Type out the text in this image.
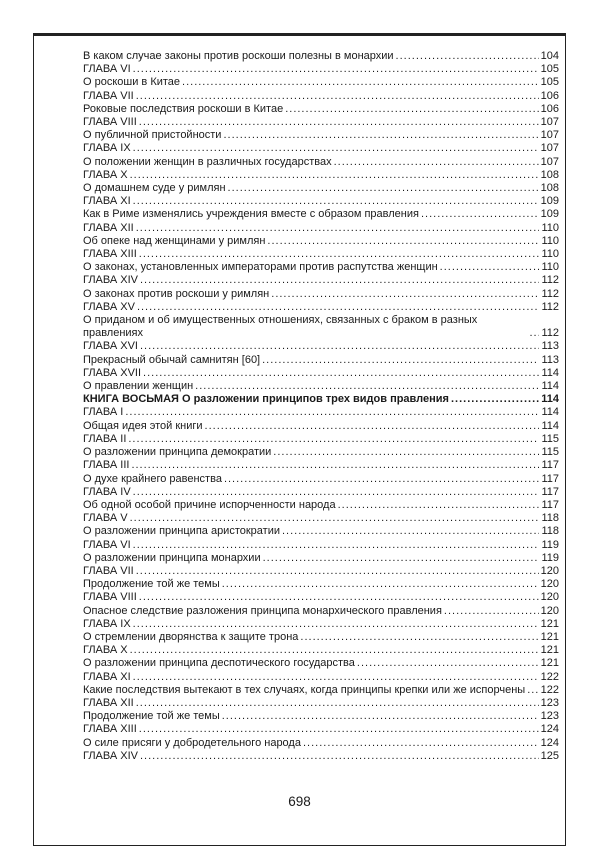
В каком случае законы против роскоши полезны в монархии .....	104
ГЛАВА VI .....	105
О роскоши в Китае .....	105
ГЛАВА VII .....	106
Роковые последствия роскоши в Китае .....	106
ГЛАВА VIII .....	107
О публичной пристойности .....	107
ГЛАВА IX .....	107
О положении женщин в различных государствах .....	107
ГЛАВА X .....	108
О домашнем суде у римлян .....	108
ГЛАВА XI .....	109
Как в Риме изменялись учреждения вместе с образом правления .....	109
ГЛАВА XII .....	110
Об опеке над женщинами у римлян .....	110
ГЛАВА XIII .....	110
О законах, установленных императорами против распутства женщин .....	110
ГЛАВА XIV .....	112
О законах против роскоши у римлян .....	112
ГЛАВА XV .....	112
О приданом и об имущественных отношениях, связанных с браком в разных правлениях .....	112
ГЛАВА XVI .....	113
Прекрасный обычай самнитян [60] .....	113
ГЛАВА XVII .....	114
О правлении женщин .....	114
КНИГА ВОСЬМАЯ О разложении принципов трех видов правления .....	114
ГЛАВА I .....	114
Общая идея этой книги .....	114
ГЛАВА II .....	115
О разложении принципа демократии .....	115
ГЛАВА III .....	117
О духе крайнего равенства .....	117
ГЛАВА IV .....	117
Об одной особой причине испорченности народа .....	117
ГЛАВА V .....	118
О разложении принципа аристократии .....	118
ГЛАВА VI .....	119
О разложении принципа монархии .....	119
ГЛАВА VII .....	120
Продолжение той же темы .....	120
ГЛАВА VIII .....	120
Опасное следствие разложения принципа монархического правления .....	120
ГЛАВА IX .....	121
О стремлении дворянства к защите трона .....	121
ГЛАВА X .....	121
О разложении принципа деспотического государства .....	121
ГЛАВА XI .....	122
Какие последствия вытекают в тех случаях, когда принципы крепки или же испорчены ..... 122
ГЛАВА XII .....	123
Продолжение той же темы .....	123
ГЛАВА XIII .....	124
О силе присяги у добродетельного народа .....	124
ГЛАВА XIV .....	125
698
